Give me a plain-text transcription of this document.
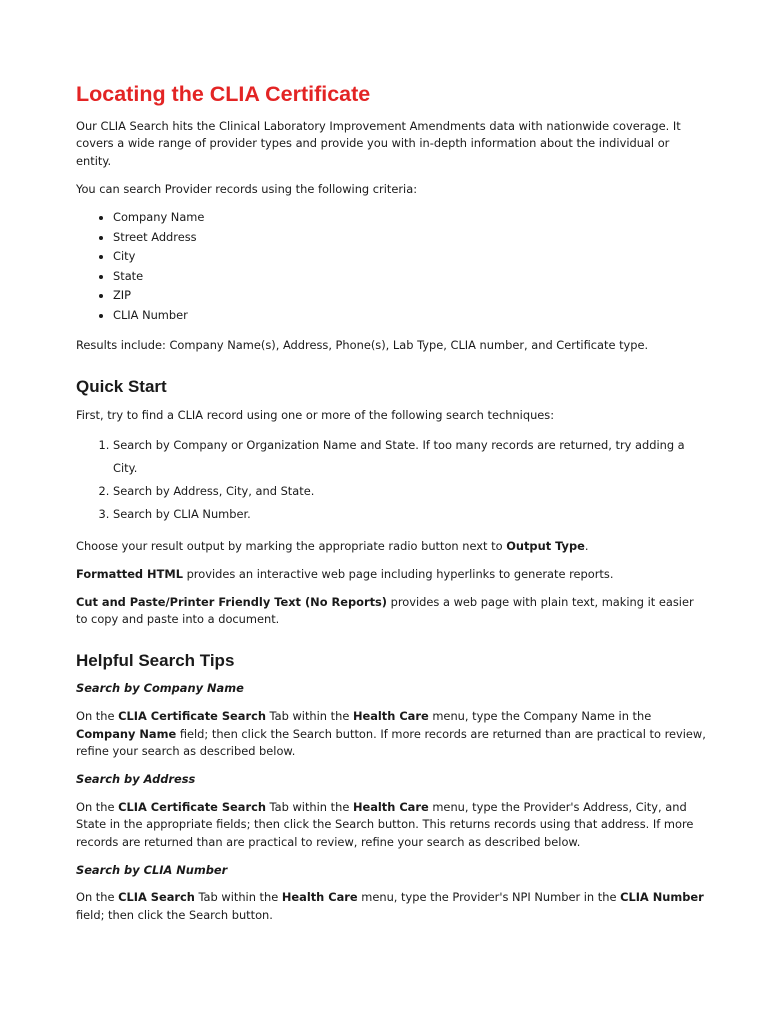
Locating the CLIA Certificate

Our CLIA Search hits the Clinical Laboratory Improvement Amendments data with nationwide coverage. It covers a wide range of provider types and provide you with in-depth information about the individual or entity.

You can search Provider records using the following criteria:

• Company Name
• Street Address
• City
• State
• ZIP
• CLIA Number

Results include: Company Name(s), Address, Phone(s), Lab Type, CLIA number, and Certificate type.

Quick Start

First, try to find a CLIA record using one or more of the following search techniques:

1. Search by Company or Organization Name and State. If too many records are returned, try adding a City.
2. Search by Address, City, and State.
3. Search by CLIA Number.

Choose your result output by marking the appropriate radio button next to Output Type.

Formatted HTML provides an interactive web page including hyperlinks to generate reports.

Cut and Paste/Printer Friendly Text (No Reports) provides a web page with plain text, making it easier to copy and paste into a document.

Helpful Search Tips

Search by Company Name

On the CLIA Certificate Search Tab within the Health Care menu, type the Company Name in the Company Name field; then click the Search button. If more records are returned than are practical to review, refine your search as described below.

Search by Address

On the CLIA Certificate Search Tab within the Health Care menu, type the Provider's Address, City, and State in the appropriate fields; then click the Search button. This returns records using that address. If more records are returned than are practical to review, refine your search as described below.

Search by CLIA Number

On the CLIA Search Tab within the Health Care menu, type the Provider's NPI Number in the CLIA Number field; then click the Search button.
